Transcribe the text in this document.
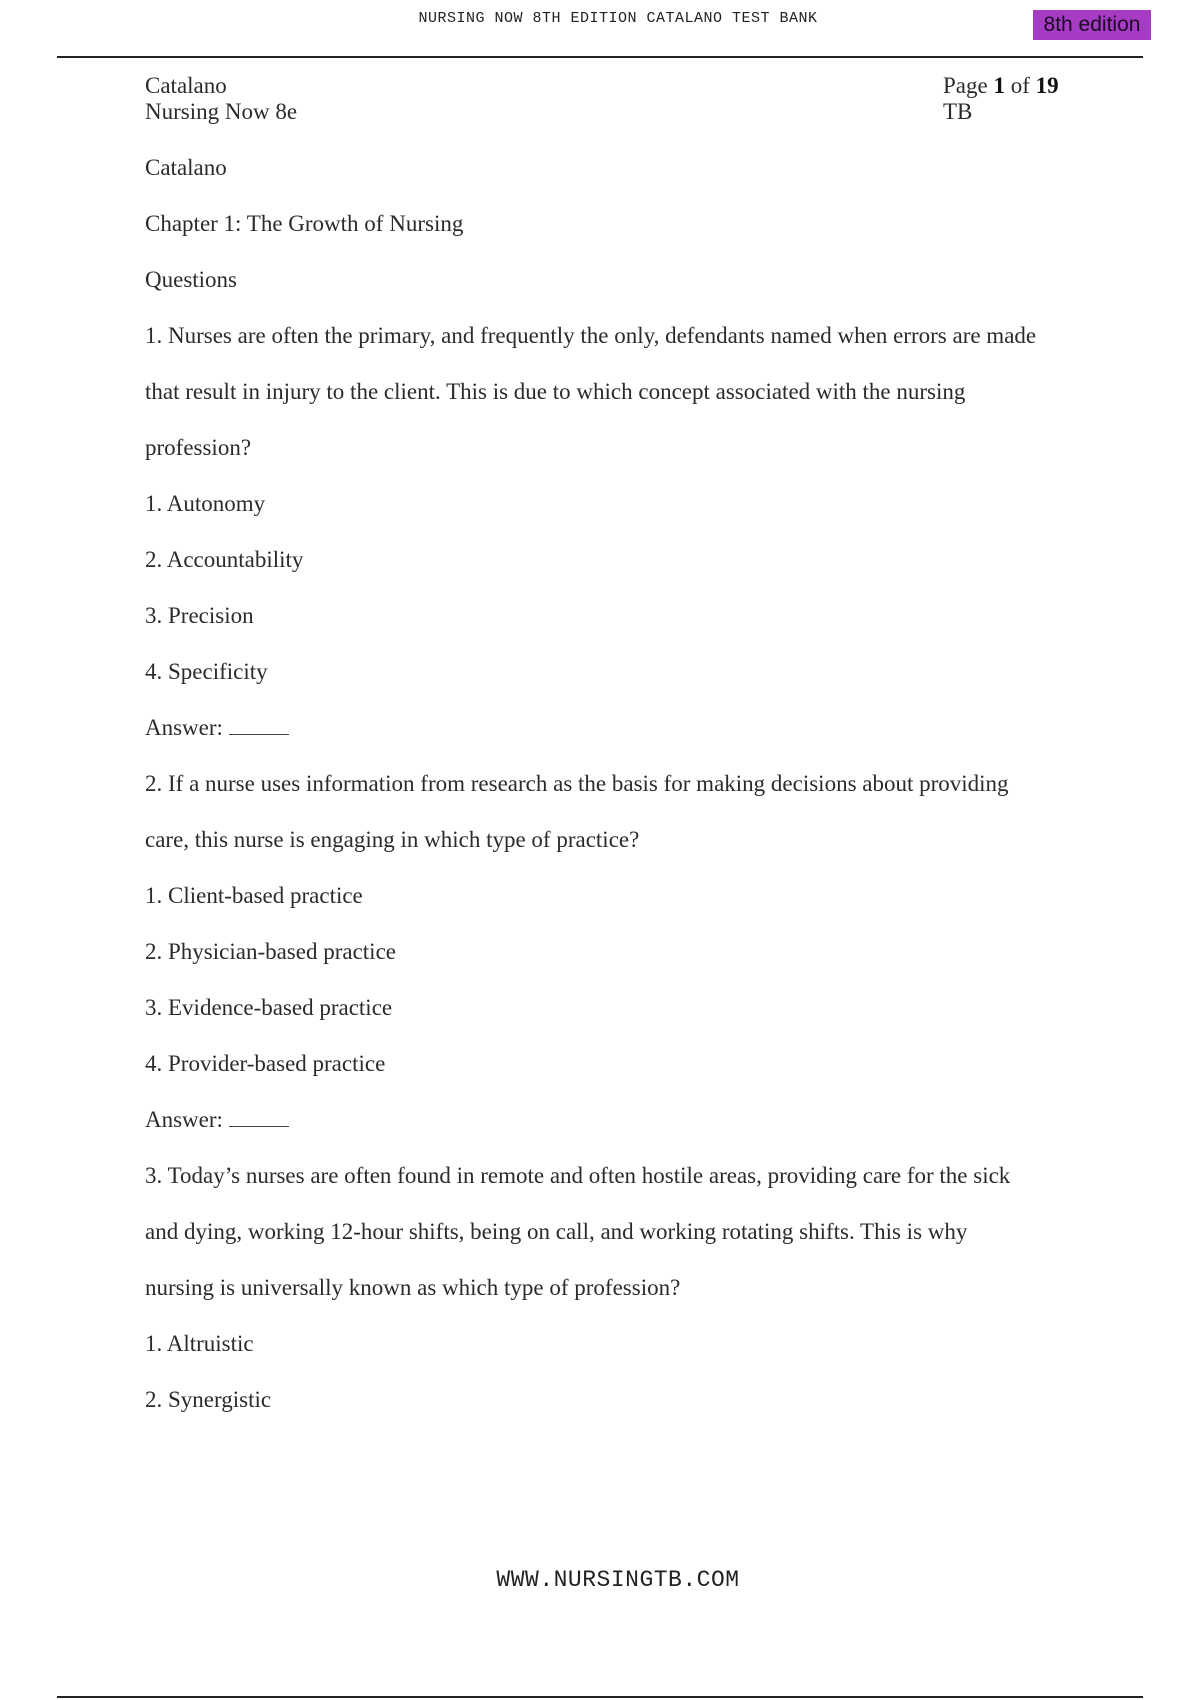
NURSING NOW 8TH EDITION CATALANO TEST BANK	8th edition
Catalano
Nursing Now 8e
Page 1 of 19
TB
Catalano
Chapter 1: The Growth of Nursing
Questions
1. Nurses are often the primary, and frequently the only, defendants named when errors are made
that result in injury to the client. This is due to which concept associated with the nursing
profession?
1. Autonomy
2. Accountability
3. Precision
4. Specificity
Answer:
2. If a nurse uses information from research as the basis for making decisions about providing
care, this nurse is engaging in which type of practice?
1. Client-based practice
2. Physician-based practice
3. Evidence-based practice
4. Provider-based practice
Answer:
3. Today’s nurses are often found in remote and often hostile areas, providing care for the sick
and dying, working 12-hour shifts, being on call, and working rotating shifts. This is why
nursing is universally known as which type of profession?
1. Altruistic
2. Synergistic
WWW.NURSINGTB.COM
